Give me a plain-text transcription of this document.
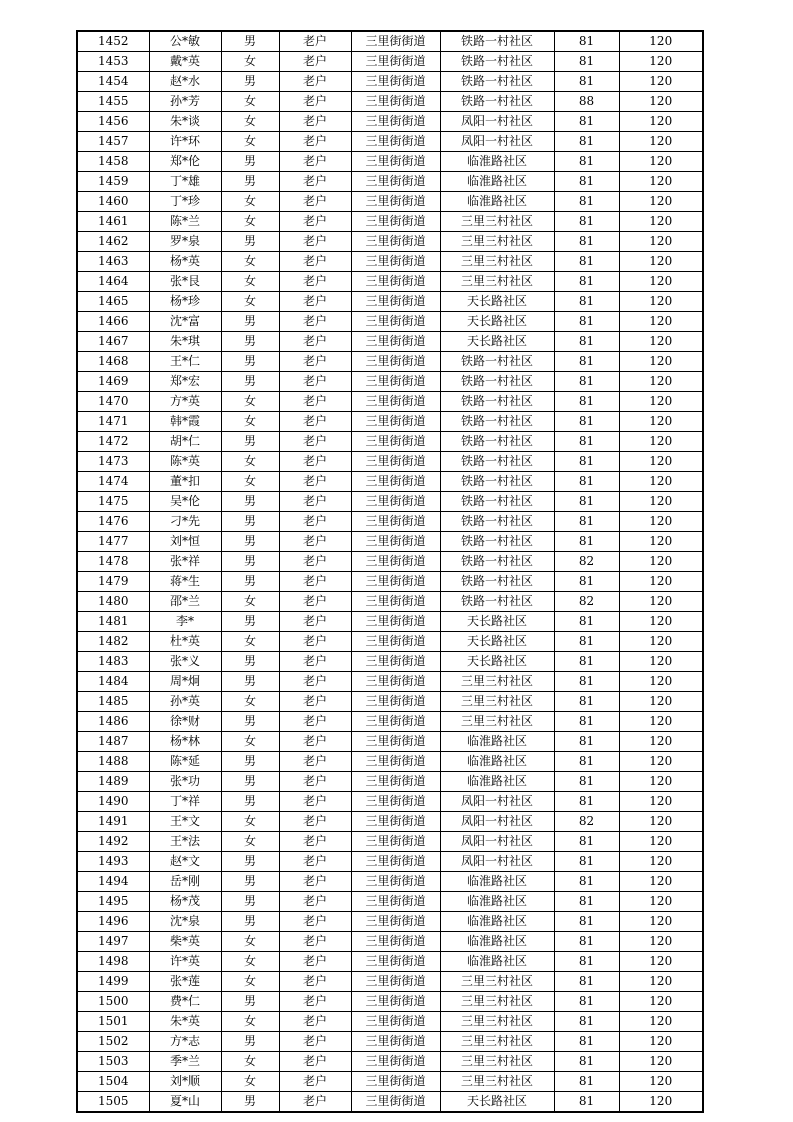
1452	公*敏	男	老户	三里街街道	铁路一村社区	81	120
1453	戴*英	女	老户	三里街街道	铁路一村社区	81	120
1454	赵*水	男	老户	三里街街道	铁路一村社区	81	120
1455	孙*芳	女	老户	三里街街道	铁路一村社区	88	120
1456	朱*谈	女	老户	三里街街道	凤阳一村社区	81	120
1457	许*环	女	老户	三里街街道	凤阳一村社区	81	120
1458	郑*伦	男	老户	三里街街道	临淮路社区	81	120
1459	丁*雄	男	老户	三里街街道	临淮路社区	81	120
1460	丁*珍	女	老户	三里街街道	临淮路社区	81	120
1461	陈*兰	女	老户	三里街街道	三里三村社区	81	120
1462	罗*泉	男	老户	三里街街道	三里三村社区	81	120
1463	杨*英	女	老户	三里街街道	三里三村社区	81	120
1464	张*艮	女	老户	三里街街道	三里三村社区	81	120
1465	杨*珍	女	老户	三里街街道	天长路社区	81	120
1466	沈*富	男	老户	三里街街道	天长路社区	81	120
1467	朱*琪	男	老户	三里街街道	天长路社区	81	120
1468	王*仁	男	老户	三里街街道	铁路一村社区	81	120
1469	郑*宏	男	老户	三里街街道	铁路一村社区	81	120
1470	方*英	女	老户	三里街街道	铁路一村社区	81	120
1471	韩*霞	女	老户	三里街街道	铁路一村社区	81	120
1472	胡*仁	男	老户	三里街街道	铁路一村社区	81	120
1473	陈*英	女	老户	三里街街道	铁路一村社区	81	120
1474	董*扣	女	老户	三里街街道	铁路一村社区	81	120
1475	吴*伦	男	老户	三里街街道	铁路一村社区	81	120
1476	刁*先	男	老户	三里街街道	铁路一村社区	81	120
1477	刘*恒	男	老户	三里街街道	铁路一村社区	81	120
1478	张*祥	男	老户	三里街街道	铁路一村社区	82	120
1479	蒋*生	男	老户	三里街街道	铁路一村社区	81	120
1480	邵*兰	女	老户	三里街街道	铁路一村社区	82	120
1481	李*	男	老户	三里街街道	天长路社区	81	120
1482	杜*英	女	老户	三里街街道	天长路社区	81	120
1483	张*义	男	老户	三里街街道	天长路社区	81	120
1484	周*炯	男	老户	三里街街道	三里三村社区	81	120
1485	孙*英	女	老户	三里街街道	三里三村社区	81	120
1486	徐*财	男	老户	三里街街道	三里三村社区	81	120
1487	杨*林	女	老户	三里街街道	临淮路社区	81	120
1488	陈*延	男	老户	三里街街道	临淮路社区	81	120
1489	张*功	男	老户	三里街街道	临淮路社区	81	120
1490	丁*祥	男	老户	三里街街道	凤阳一村社区	81	120
1491	王*文	女	老户	三里街街道	凤阳一村社区	82	120
1492	王*法	女	老户	三里街街道	凤阳一村社区	81	120
1493	赵*文	男	老户	三里街街道	凤阳一村社区	81	120
1494	岳*刚	男	老户	三里街街道	临淮路社区	81	120
1495	杨*茂	男	老户	三里街街道	临淮路社区	81	120
1496	沈*泉	男	老户	三里街街道	临淮路社区	81	120
1497	柴*英	女	老户	三里街街道	临淮路社区	81	120
1498	许*英	女	老户	三里街街道	临淮路社区	81	120
1499	张*莲	女	老户	三里街街道	三里三村社区	81	120
1500	费*仁	男	老户	三里街街道	三里三村社区	81	120
1501	朱*英	女	老户	三里街街道	三里三村社区	81	120
1502	方*志	男	老户	三里街街道	三里三村社区	81	120
1503	季*兰	女	老户	三里街街道	三里三村社区	81	120
1504	刘*顺	女	老户	三里街街道	三里三村社区	81	120
1505	夏*山	男	老户	三里街街道	天长路社区	81	120
